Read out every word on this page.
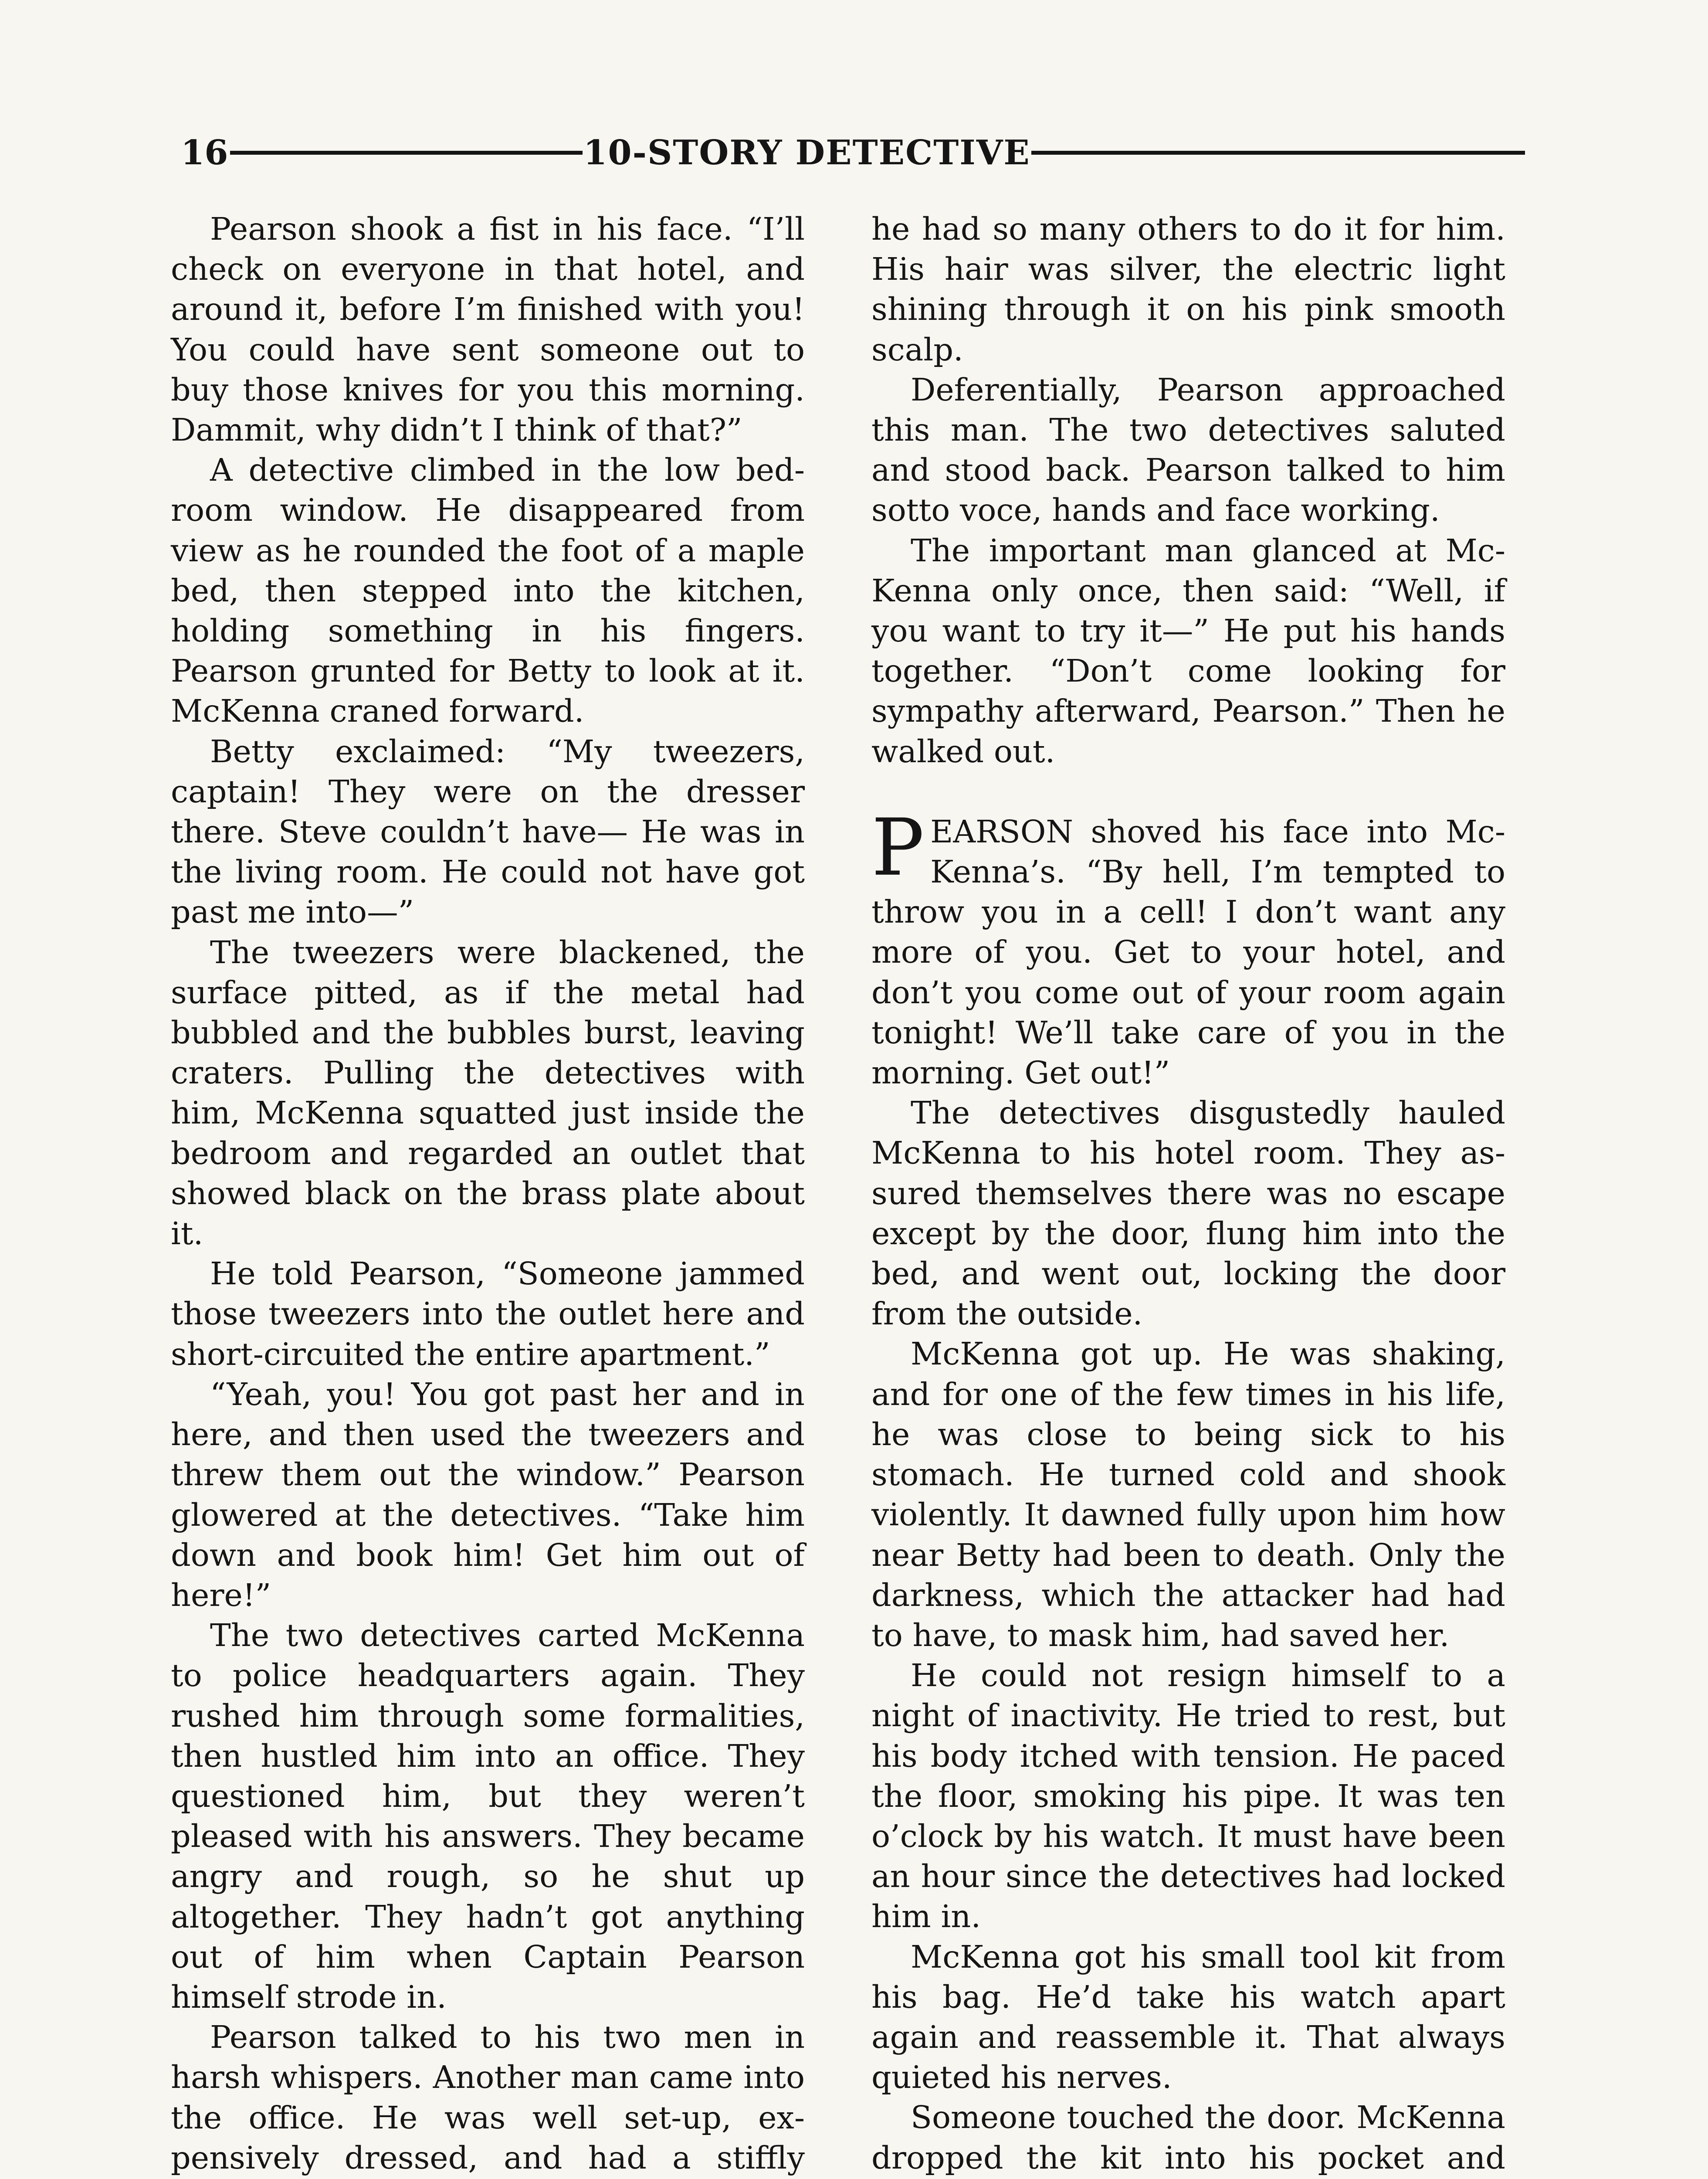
16	10-STORY DETECTIVE

Pearson shook a fist in his face. “I’ll check on everyone in that hotel, and around it, before I’m finished with you! You could have sent someone out to buy those knives for you this morning. Dammit, why didn’t I think of that?”

A detective climbed in the low bedroom window. He disappeared from view as he rounded the foot of a maple bed, then stepped into the kitchen, holding something in his fingers. Pearson grunted for Betty to look at it. McKenna craned forward.

Betty exclaimed: “My tweezers, captain! They were on the dresser there. Steve couldn’t have— He was in the living room. He could not have got past me into—”

The tweezers were blackened, the surface pitted, as if the metal had bubbled and the bubbles burst, leaving craters. Pulling the detectives with him, McKenna squatted just inside the bedroom and regarded an outlet that showed black on the brass plate about it.

He told Pearson, “Someone jammed those tweezers into the outlet here and short-circuited the entire apartment.”

“Yeah, you! You got past her and in here, and then used the tweezers and threw them out the window.” Pearson glowered at the detectives. “Take him down and book him! Get him out of here!”

The two detectives carted McKenna to police headquarters again. They rushed him through some formalities, then hustled him into an office. They questioned him, but they weren’t pleased with his answers. They became angry and rough, so he shut up altogether. They hadn’t got anything out of him when Captain Pearson himself strode in.

Pearson talked to his two men in harsh whispers. Another man came into the office. He was well set-up, expensively dressed, and had a stiffly

he had so many others to do it for him. His hair was silver, the electric light shining through it on his pink smooth scalp.

Deferentially, Pearson approached this man. The two detectives saluted and stood back. Pearson talked to him sotto voce, hands and face working.

The important man glanced at McKenna only once, then said: “Well, if you want to try it—” He put his hands together. “Don’t come looking for sympathy afterward, Pearson.” Then he walked out.

PEARSON shoved his face into McKenna’s. “By hell, I’m tempted to throw you in a cell! I don’t want any more of you. Get to your hotel, and don’t you come out of your room again tonight! We’ll take care of you in the morning. Get out!”

The detectives disgustedly hauled McKenna to his hotel room. They assured themselves there was no escape except by the door, flung him into the bed, and went out, locking the door from the outside.

McKenna got up. He was shaking, and for one of the few times in his life, he was close to being sick to his stomach. He turned cold and shook violently. It dawned fully upon him how near Betty had been to death. Only the darkness, which the attacker had had to have, to mask him, had saved her.

He could not resign himself to a night of inactivity. He tried to rest, but his body itched with tension. He paced the floor, smoking his pipe. It was ten o’clock by his watch. It must have been an hour since the detectives had locked him in.

McKenna got his small tool kit from his bag. He’d take his watch apart again and reassemble it. That always quieted his nerves.

Someone touched the door. McKenna dropped the kit into his pocket and
